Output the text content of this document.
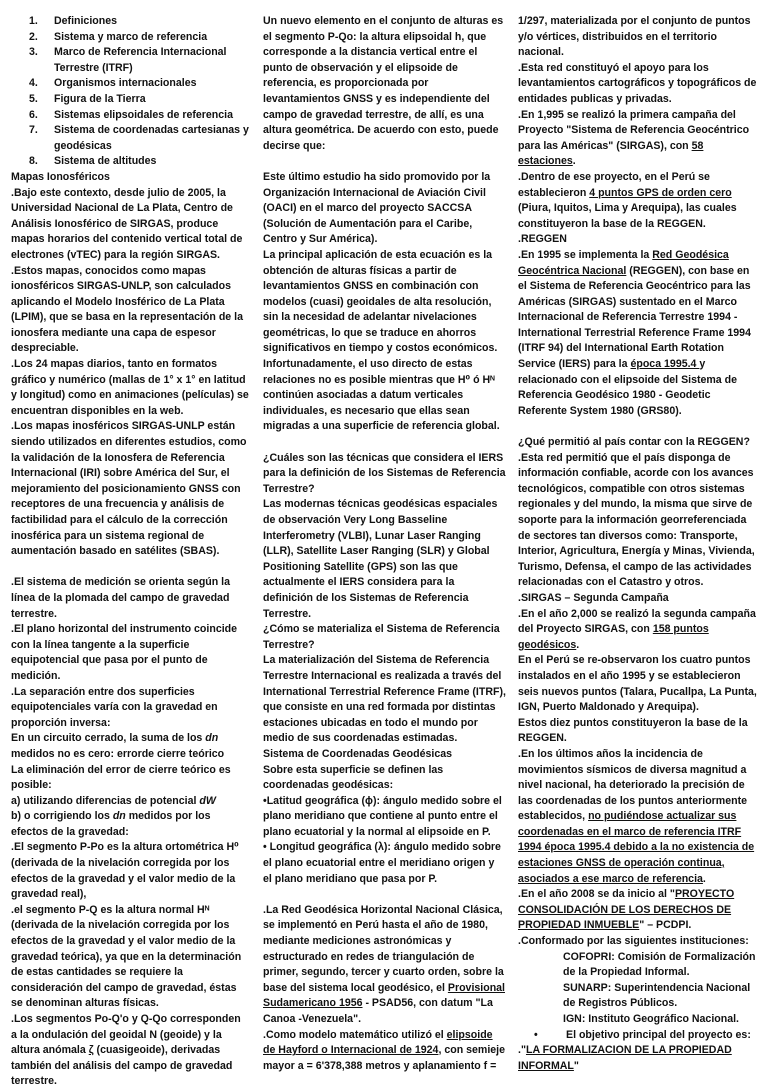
1.	Definiciones
2.	Sistema y marco de referencia
3.	Marco de Referencia Internacional Terrestre (ITRF)
4.	Organismos internacionales
5.	Figura de la Tierra
6.	Sistemas elipsoidales de referencia
7.	Sistema de coordenadas cartesianas y geodésicas
8.	Sistema de altitudes

Mapas Ionosféricos

.Bajo este contexto, desde julio de 2005, la Universidad Nacional de La Plata, Centro de Análisis Ionosférico de SIRGAS, produce mapas horarios del contenido vertical total de electrones (vTEC) para la región SIRGAS.

.Estos mapas, conocidos como mapas ionosféricos SIRGAS-UNLP, son calculados aplicando el Modelo Inosférico de La Plata (LPIM), que se basa en la representación de la ionosfera mediante una capa de espesor despreciable.

.Los 24 mapas diarios, tanto en formatos gráfico y numérico (mallas de 1° x 1° en latitud y longitud) como en animaciones (películas) se encuentran disponibles en la web.

.Los mapas inosféricos SIRGAS-UNLP están siendo utilizados en diferentes estudios, como la validación de la Ionosfera de Referencia Internacional (IRI) sobre América del Sur, el mejoramiento del posicionamiento GNSS con receptores de una frecuencia y análisis de factibilidad para el cálculo de la corrección inosférica para un sistema regional de aumentación basado en satélites (SBAS).

.El sistema de medición se orienta según la línea de la plomada del campo de gravedad terrestre.

.El plano horizontal del instrumento coincide con la línea tangente a la superficie equipotencial que pasa por el punto de medición.

.La separación entre dos superficies equipotenciales varía con la gravedad en proporción inversa:

En un circuito cerrado, la suma de los dn medidos no es cero: errorde cierre teórico

La eliminación del error de cierre teórico es posible:

a) utilizando diferencias de potencial dW

b) o corrigiendo los dn medidos por los efectos de la gravedad:

.El segmento P-Po es la altura ortométrica H⁰ (derivada de la nivelación corregida por los efectos de la gravedad y el valor medio de la gravedad real),

.el segmento P-Q es la altura normal Hᴺ (derivada de la nivelación corregida por los efectos de la gravedad y el valor medio de la gravedad teórica), ya que en la determinación de estas cantidades se requiere la consideración del campo de gravedad, éstas se denominan alturas físicas.

.Los segmentos Po-Q'o y Q-Qo corresponden a la ondulación del geoidal N (geoide) y la altura anómala ζ (cuasigeoide), derivadas también del análisis del campo de gravedad terrestre.

Un nuevo elemento en el conjunto de alturas es el segmento P-Qo: la altura elipsoidal h, que corresponde a la distancia vertical entre el punto de observación y el elipsoide de referencia, es proporcionada por levantamientos GNSS y es independiente del campo de gravedad terrestre, de allí, es una altura geométrica. De acuerdo con esto, puede decirse que:

Este último estudio ha sido promovido por la Organización Internacional de Aviación Civil (OACI) en el marco del proyecto SACCSA (Solución de Aumentación para el Caribe, Centro y Sur América).

La principal aplicación de esta ecuación es la obtención de alturas físicas a partir de levantamientos GNSS en combinación con modelos (cuasi) geoidales de alta resolución, sin la necesidad de adelantar nivelaciones geométricas, lo que se traduce en ahorros significativos en tiempo y costos económicos. Infortunadamente, el uso directo de estas relaciones no es posible mientras que H⁰ ó Hᴺ continúen asociadas a datum verticales individuales, es necesario que ellas sean migradas a una superficie de referencia global.

¿Cuáles son las técnicas que considera el IERS para la definición de los Sistemas de Referencia Terrestre?

Las modernas técnicas geodésicas espaciales de observación Very Long Basseline Interferometry (VLBI), Lunar Laser Ranging (LLR), Satellite Laser Ranging (SLR) y Global Positioning Satellite (GPS) son las que actualmente el IERS considera para la definición de los Sistemas de Referencia Terrestre.

¿Cómo se materializa el Sistema de Referencia Terrestre?

La materialización del Sistema de Referencia Terrestre Internacional es realizada a través del International Terrestrial Reference Frame (ITRF), que consiste en una red formada por distintas estaciones ubicadas en todo el mundo por medio de sus coordenadas estimadas.

Sistema de Coordenadas Geodésicas

Sobre esta superficie se definen las coordenadas geodésicas:

•Latitud geográfica (ϕ): ángulo medido sobre el plano meridiano que contiene al punto entre el plano ecuatorial y la normal al elipsoide en P.

• Longitud geográfica (λ): ángulo medido sobre el plano ecuatorial entre el meridiano origen y el plano meridiano que pasa por P.

.La Red Geodésica Horizontal Nacional Clásica, se implementó en Perú hasta el año de 1980, mediante mediciones astronómicas y estructurado en redes de triangulación de primer, segundo, tercer y cuarto orden, sobre la base del sistema local geodésico, el Provisional Sudamericano 1956 - PSAD56, con datum "La Canoa -Venezuela".

.Como modelo matemático utilizó el elipsoide de Hayford o Internacional de 1924, con semieje mayor a = 6'378,388 metros y aplanamiento f =

1/297, materializada por el conjunto de puntos y/o vértices, distribuidos en el territorio nacional.

.Esta red constituyó el apoyo para los levantamientos cartográficos y topográficos de entidades publicas y privadas.

.En 1,995 se realizó la primera campaña del Proyecto "Sistema de Referencia Geocéntrico para las Américas" (SIRGAS), con 58 estaciones.

.Dentro de ese proyecto, en el Perú se establecieron 4 puntos GPS de orden cero (Piura, Iquitos, Lima y Arequipa), las cuales constituyeron la base de la REGGEN.

.REGGEN

.En 1995 se implementa la Red Geodésica Geocéntrica Nacional (REGGEN), con base en el Sistema de Referencia Geocéntrico para las Américas (SIRGAS) sustentado en el Marco Internacional de Referencia Terrestre 1994 - International Terrestrial Reference Frame 1994 (ITRF 94) del International Earth Rotation Service (IERS) para la época 1995.4 y relacionado con el elipsoide del Sistema de Referencia Geodésico 1980 - Geodetic Referente System 1980 (GRS80).

¿Qué permitió al país contar con la REGGEN?

.Esta red permitió que el país disponga de información confiable, acorde con los avances tecnológicos, compatible con otros sistemas regionales y del mundo, la misma que sirve de soporte para la información georreferenciada de sectores tan diversos como: Transporte, Interior, Agricultura, Energía y Minas, Vivienda, Turismo, Defensa, el campo de las actividades relacionadas con el Catastro y otros.

.SIRGAS – Segunda Campaña

.En el año 2,000 se realizó la segunda campaña del Proyecto SIRGAS, con 158 puntos geodésicos.

En el Perú se re-observaron los cuatro puntos instalados en el año 1995 y se establecieron seis nuevos puntos (Talara, Pucallpa, La Punta, IGN, Puerto Maldonado y Arequipa).

Estos diez puntos constituyeron la base de la REGGEN.

.En los últimos años la incidencia de movimientos sísmicos de diversa magnitud a nivel nacional, ha deteriorado la precisión de las coordenadas de los puntos anteriormente establecidos, no pudiéndose actualizar sus coordenadas en el marco de referencia ITRF 1994 época 1995.4 debido a la no existencia de estaciones GNSS de operación continua, asociados a ese marco de referencia.

.En el año 2008 se da inicio al "PROYECTO CONSOLIDACIÓN DE LOS DERECHOS DE PROPIEDAD INMUEBLE" – PCDPI.

.Conformado por las siguientes instituciones:

COFOPRI: Comisión de Formalización de la Propiedad Informal.

SUNARP: Superintendencia Nacional de Registros Públicos.

IGN: Instituto Geográfico Nacional.

•	El objetivo principal del proyecto es:

."LA FORMALIZACION DE LA PROPIEDAD INFORMAL"
